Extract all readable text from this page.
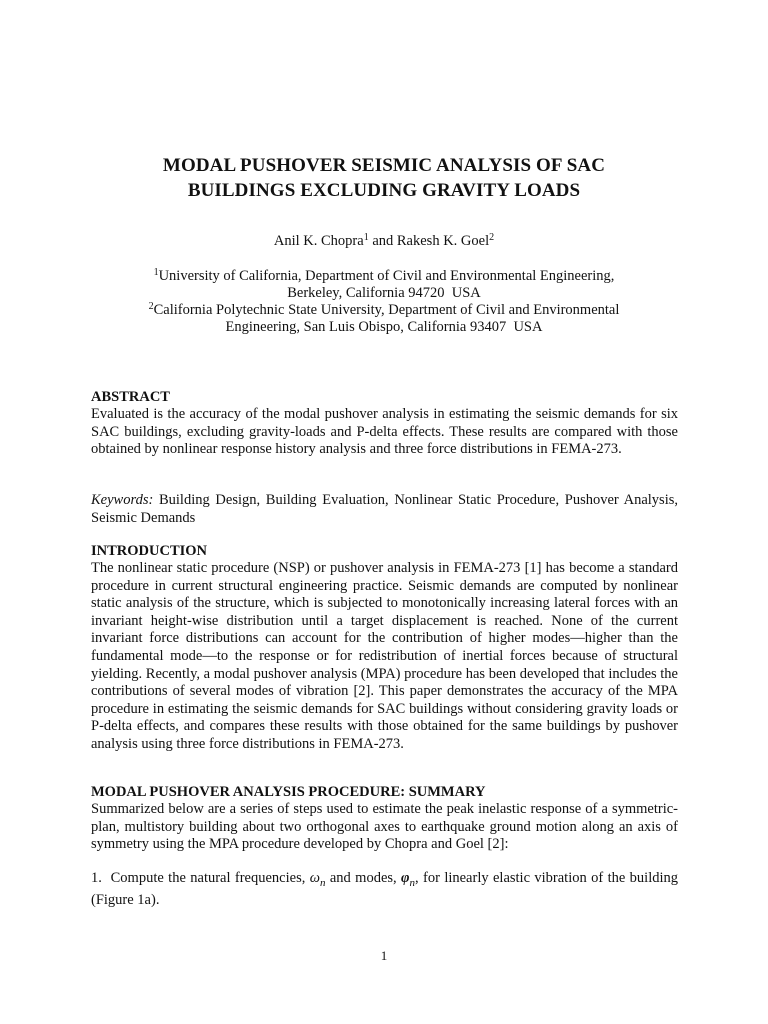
MODAL PUSHOVER SEISMIC ANALYSIS OF SAC
BUILDINGS EXCLUDING GRAVITY LOADS
Anil K. Chopra$^1$ and Rakesh K. Goel$^2$
$^1$University of California, Department of Civil and Environmental Engineering,
Berkeley, California 94720  USA
$^2$California Polytechnic State University, Department of Civil and Environmental
Engineering, San Luis Obispo, California 93407  USA
ABSTRACT
Evaluated is the accuracy of the modal pushover analysis in estimating the seismic demands for six SAC buildings, excluding gravity-loads and P-delta effects. These results are compared with those obtained by nonlinear response history analysis and three force distributions in FEMA-273.
Keywords: Building Design, Building Evaluation, Nonlinear Static Procedure, Pushover Analysis, Seismic Demands
INTRODUCTION
The nonlinear static procedure (NSP) or pushover analysis in FEMA-273 [1] has become a standard procedure in current structural engineering practice. Seismic demands are computed by nonlinear static analysis of the structure, which is subjected to monotonically increasing lateral forces with an invariant height-wise distribution until a target displacement is reached. None of the current invariant force distributions can account for the contribution of higher modes—higher than the fundamental mode—to the response or for redistribution of inertial forces because of structural yielding. Recently, a modal pushover analysis (MPA) procedure has been developed that includes the contributions of several modes of vibration [2]. This paper demonstrates the accuracy of the MPA procedure in estimating the seismic demands for SAC buildings without considering gravity loads or P-delta effects, and compares these results with those obtained for the same buildings by pushover analysis using three force distributions in FEMA-273.
MODAL PUSHOVER ANALYSIS PROCEDURE: SUMMARY
Summarized below are a series of steps used to estimate the peak inelastic response of a symmetric-plan, multistory building about two orthogonal axes to earthquake ground motion along an axis of symmetry using the MPA procedure developed by Chopra and Goel [2]:
1.  Compute the natural frequencies, $\omega_n$ and modes, $\varphi_n$, for linearly elastic vibration of the building (Figure 1a).
1
